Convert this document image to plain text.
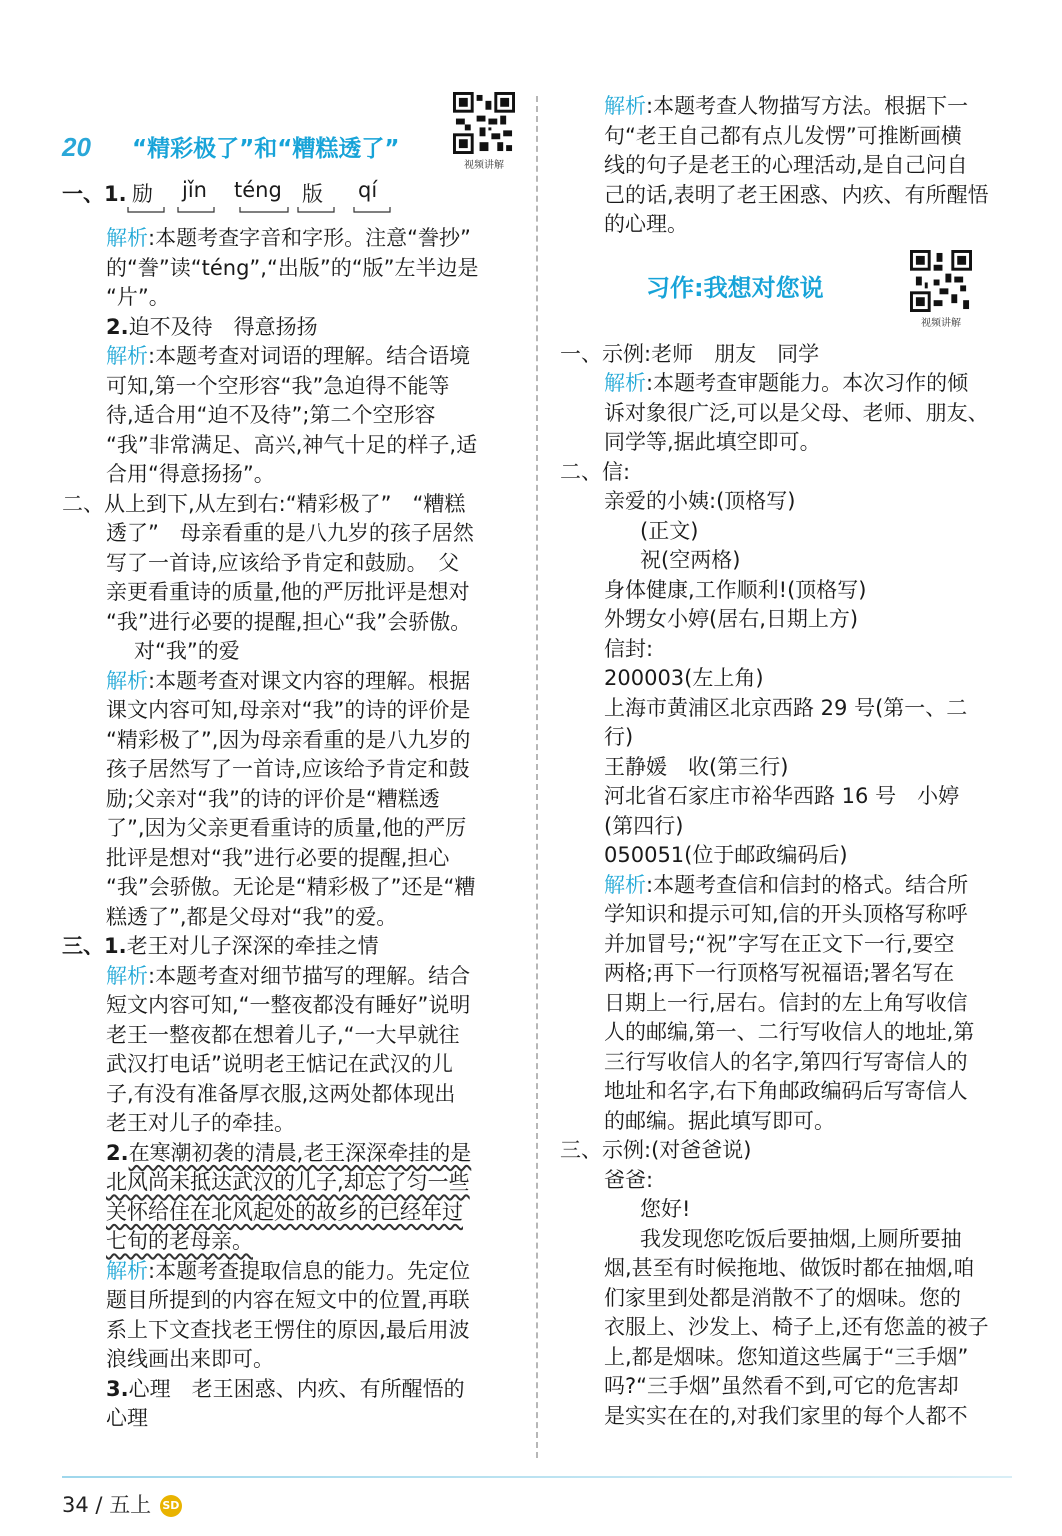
20 “精彩极了”和“糟糕透了”
视频讲解
一、1. 励 jǐn téng 版 qí
解析:本题考查字音和字形。注意“誊抄”
的“誊”读“téng”,“出版”的“版”左半边是
“片”。
2.迫不及待　得意扬扬
解析:本题考查对词语的理解。结合语境
可知,第一个空形容“我”急迫得不能等
待,适合用“迫不及待”;第二个空形容
“我”非常满足、高兴,神气十足的样子,适
合用“得意扬扬”。
二、从上到下,从左到右:“精彩极了”　“糟糕
透了”　母亲看重的是八九岁的孩子居然
写了一首诗,应该给予肯定和鼓励。　父
亲更看重诗的质量,他的严厉批评是想对
“我”进行必要的提醒,担心“我”会骄傲。
对“我”的爱
解析:本题考查对课文内容的理解。根据
课文内容可知,母亲对“我”的诗的评价是
“精彩极了”,因为母亲看重的是八九岁的
孩子居然写了一首诗,应该给予肯定和鼓
励;父亲对“我”的诗的评价是“糟糕透
了”,因为父亲更看重诗的质量,他的严厉
批评是想对“我”进行必要的提醒,担心
“我”会骄傲。无论是“精彩极了”还是“糟
糕透了”,都是父母对“我”的爱。
三、1.老王对儿子深深的牵挂之情
解析:本题考查对细节描写的理解。结合
短文内容可知,“一整夜都没有睡好”说明
老王一整夜都在想着儿子,“一大早就往
武汉打电话”说明老王惦记在武汉的儿
子,有没有准备厚衣服,这两处都体现出
老王对儿子的牵挂。
2.在寒潮初袭的清晨,老王深深牵挂的是
北风尚未抵达武汉的儿子,却忘了匀一些
关怀给住在北风起处的故乡的已经年过
七旬的老母亲。
解析:本题考查提取信息的能力。先定位
题目所提到的内容在短文中的位置,再联
系上下文查找老王愣住的原因,最后用波
浪线画出来即可。
3.心理　老王困惑、内疚、有所醒悟的
心理
解析:本题考查人物描写方法。根据下一
句“老王自己都有点儿发愣”可推断画横
线的句子是老王的心理活动,是自己问自
己的话,表明了老王困惑、内疚、有所醒悟
的心理。
习作:我想对您说
视频讲解
一、示例:老师　朋友　同学
解析:本题考查审题能力。本次习作的倾
诉对象很广泛,可以是父母、老师、朋友、
同学等,据此填空即可。
二、信:
亲爱的小姨:(顶格写)
(正文)
祝(空两格)
身体健康,工作顺利!(顶格写)
外甥女小婷(居右,日期上方)
信封:
200003(左上角)
上海市黄浦区北京西路 29 号(第一、二
行)
王静媛　收(第三行)
河北省石家庄市裕华西路 16 号　小婷
(第四行)
050051(位于邮政编码后)
解析:本题考查信和信封的格式。结合所
学知识和提示可知,信的开头顶格写称呼
并加冒号;“祝”字写在正文下一行,要空
两格;再下一行顶格写祝福语;署名写在
日期上一行,居右。信封的左上角写收信
人的邮编,第一、二行写收信人的地址,第
三行写收信人的名字,第四行写寄信人的
地址和名字,右下角邮政编码后写寄信人
的邮编。据此填写即可。
三、示例:(对爸爸说)
爸爸:
您好!
我发现您吃饭后要抽烟,上厕所要抽
烟,甚至有时候拖地、做饭时都在抽烟,咱
们家里到处都是消散不了的烟味。您的
衣服上、沙发上、椅子上,还有您盖的被子
上,都是烟味。您知道这些属于“三手烟”
吗?“三手烟”虽然看不到,可它的危害却
是实实在在的,对我们家里的每个人都不
34 / 五上 SD
